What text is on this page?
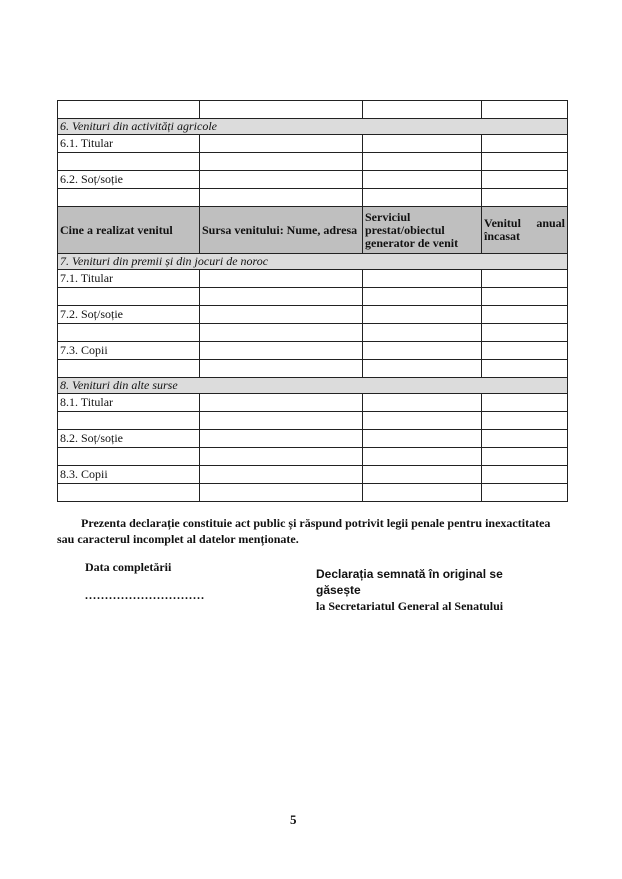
6. Venituri din activități agricole			
6.1. Titular			

6.2. Soț/soție			

Cine a realizat venitul	Sursa venitului: Nume, adresa	Serviciul prestat/obiectul generator de venit	Venitul anual
încasat

7. Venituri din premii și din jocuri de noroc			
7.1. Titular			

7.2. Soț/soție			

7.3. Copii			

8. Venituri din alte surse			
8.1. Titular			

8.2. Soț/soție			

8.3. Copii			

Prezenta declarație constituie act public și răspund potrivit legii penale pentru inexactitatea sau caracterul incomplet al datelor menționate.
Data completării
..............................
Declarația semnată în original se
găsește
la Secretariatul General al Senatului
5
